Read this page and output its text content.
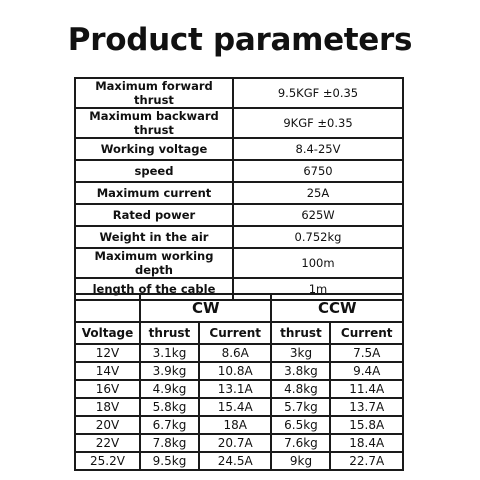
Product parameters
Maximum forward thrust	9.5KGF ±0.35
Maximum backward thrust	9KGF ±0.35
Working voltage	8.4-25V
speed	6750
Maximum current	25A
Rated power	625W
Weight in the air	0.752kg
Maximum working depth	100m
length of the cable	1m
	CW		CCW	
Voltage	thrust	Current	thrust	Current
12V	3.1kg	8.6A	3kg	7.5A
14V	3.9kg	10.8A	3.8kg	9.4A
16V	4.9kg	13.1A	4.8kg	11.4A
18V	5.8kg	15.4A	5.7kg	13.7A
20V	6.7kg	18A	6.5kg	15.8A
22V	7.8kg	20.7A	7.6kg	18.4A
25.2V	9.5kg	24.5A	9kg	22.7A
